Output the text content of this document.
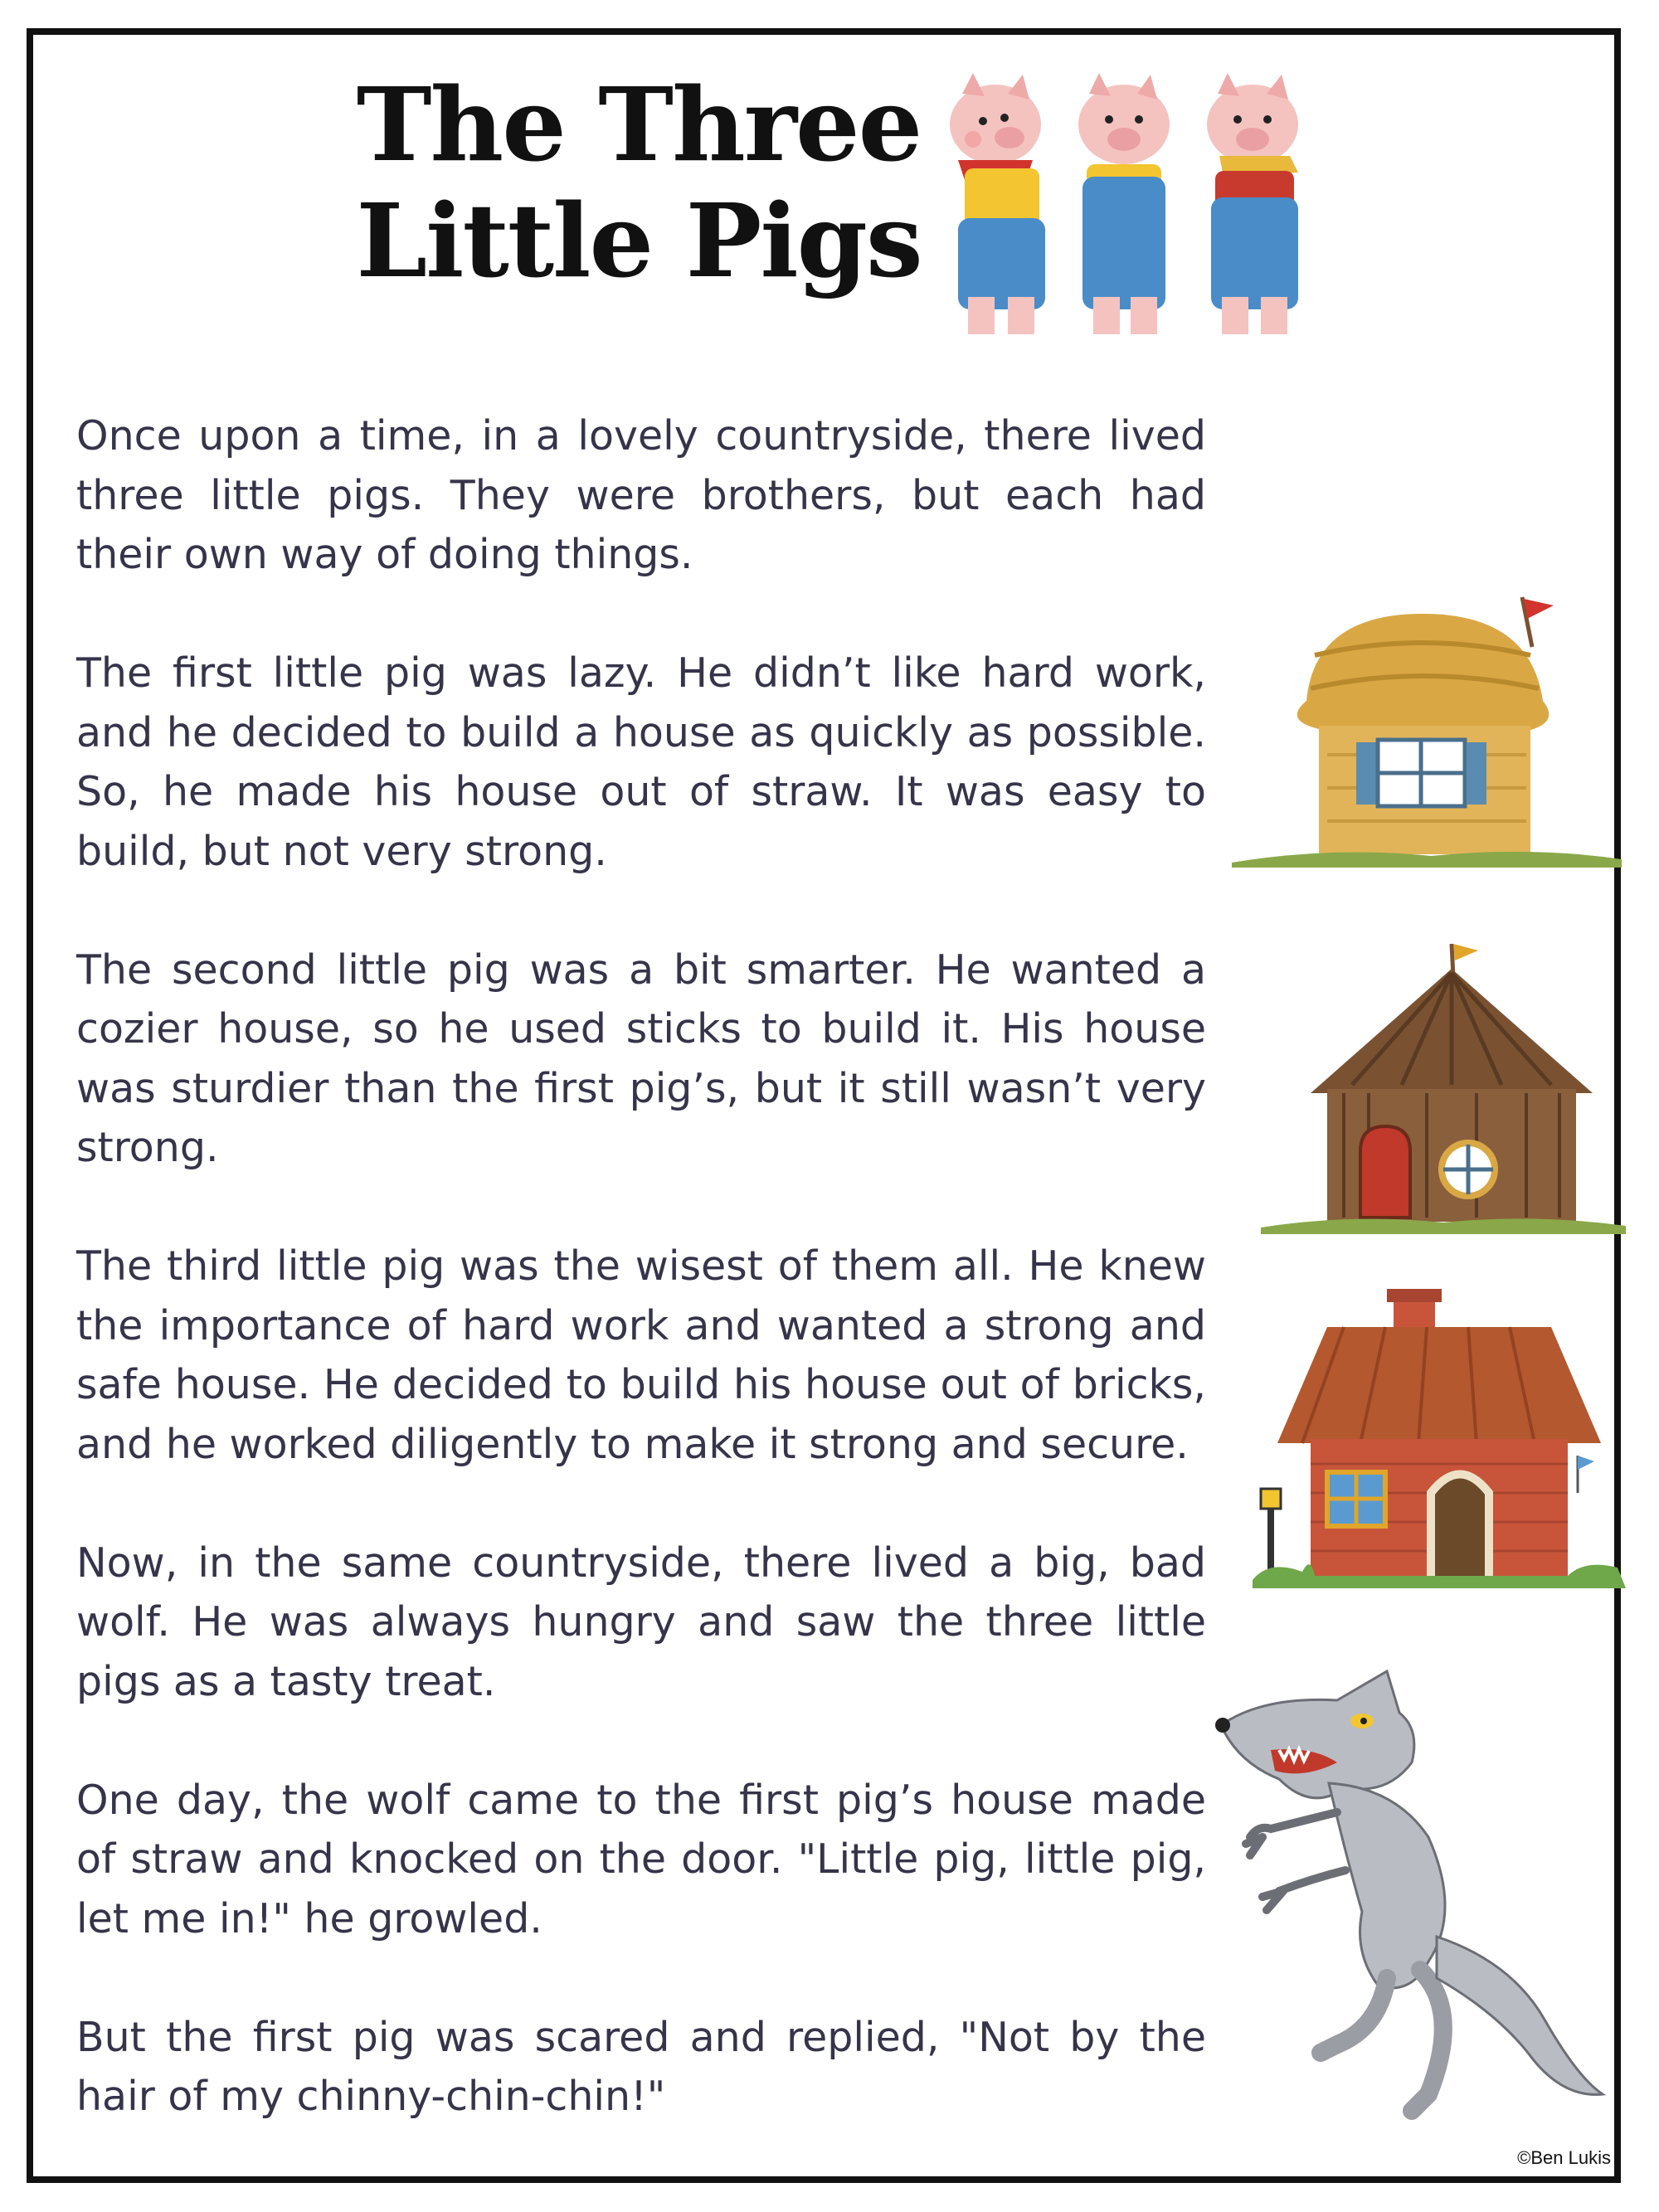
The Three
Little Pigs

Once upon a time, in a lovely countryside, there lived three little pigs. They were brothers, but each had their own way of doing things.

The first little pig was lazy. He didn’t like hard work, and he decided to build a house as quickly as possible. So, he made his house out of straw. It was easy to build, but not very strong.

The second little pig was a bit smarter. He wanted a cozier house, so he used sticks to build it. His house was sturdier than the first pig’s, but it still wasn’t very strong.

The third little pig was the wisest of them all. He knew the importance of hard work and wanted a strong and safe house. He decided to build his house out of bricks, and he worked diligently to make it strong and secure.

Now, in the same countryside, there lived a big, bad wolf. He was always hungry and saw the three little pigs as a tasty treat.

One day, the wolf came to the first pig’s house made of straw and knocked on the door. "Little pig, little pig, let me in!" he growled.

But the first pig was scared and replied, "Not by the hair of my chinny-chin-chin!"

©Ben Lukis
